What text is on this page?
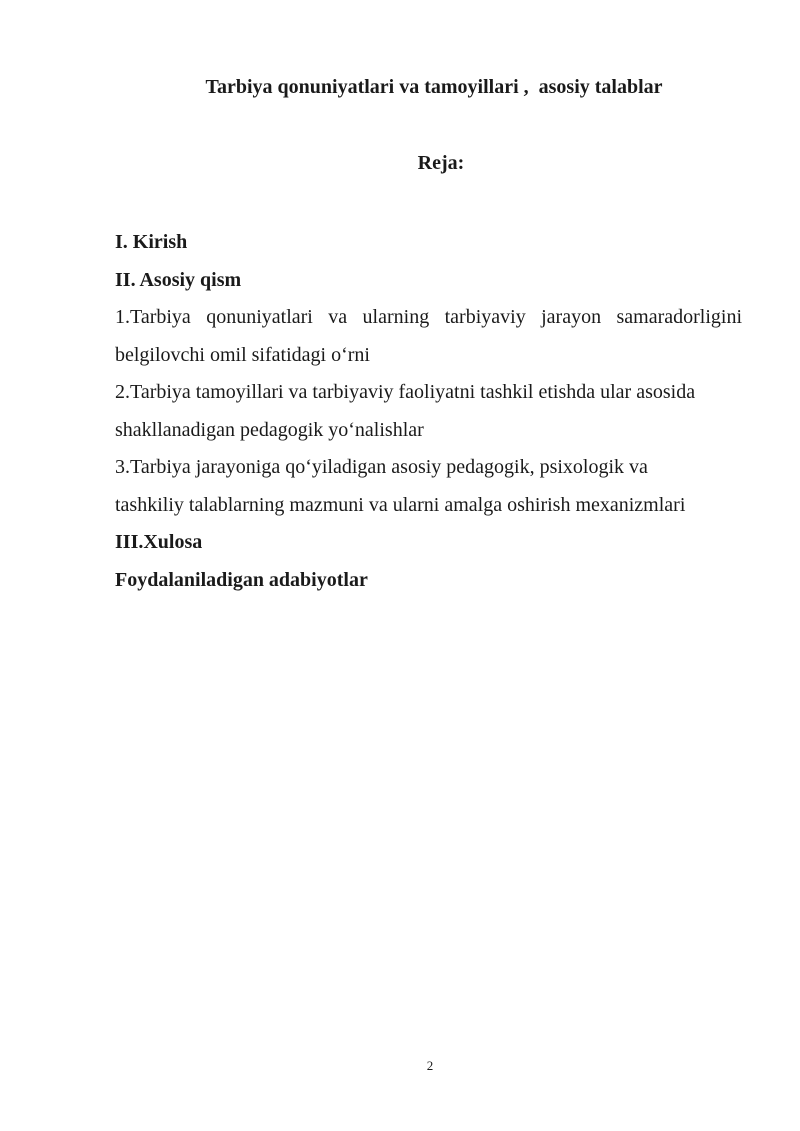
Tarbiya qonuniyatlari va tamoyillari ,  asosiy talablar
Reja:
I. Kirish
II. Asosiy qism
1.Tarbiya qonuniyatlari va ularning tarbiyaviy jarayon samaradorligini
belgilovchi omil sifatidagi o‘rni
2.Tarbiya tamoyillari va tarbiyaviy faoliyatni tashkil etishda ular asosida
shakllanadigan pedagogik yo‘nalishlar
3.Tarbiya jarayoniga qo‘yiladigan asosiy pedagogik, psixologik va
tashkiliy talablarning mazmuni va ularni amalga oshirish mexanizmlari
III.Xulosa
Foydalaniladigan adabiyotlar
2
